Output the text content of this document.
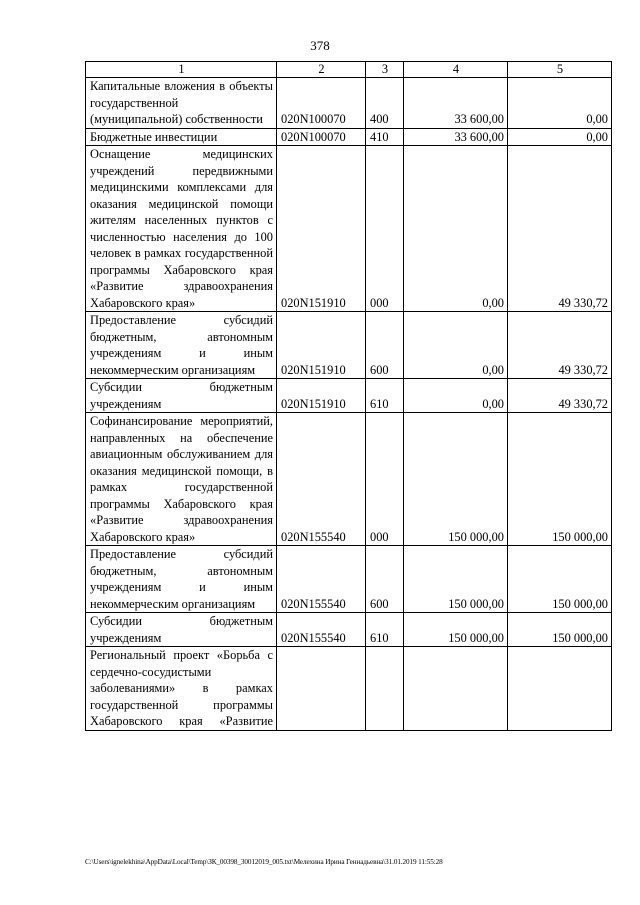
378
1	2	3	4	5
Капитальные вложения в объекты государственной (муниципальной) собственности	020N100070	400	33 600,00	0,00
Бюджетные инвестиции	020N100070	410	33 600,00	0,00
Оснащение медицинских учреждений передвижными медицинскими комплексами для оказания медицинской помощи жителям населенных пунктов с численностью населения до 100 человек в рамках государственной программы Хабаровского края «Развитие здравоохранения Хабаровского края»	020N151910	000	0,00	49 330,72
Предоставление субсидий бюджетным, автономным учреждениям и иным некоммерческим организациям	020N151910	600	0,00	49 330,72
Субсидии бюджетным учреждениям	020N151910	610	0,00	49 330,72
Софинансирование мероприятий, направленных на обеспечение авиационным обслуживанием для оказания медицинской помощи, в рамках государственной программы Хабаровского края «Развитие здравоохранения Хабаровского края»	020N155540	000	150 000,00	150 000,00
Предоставление субсидий бюджетным, автономным учреждениям и иным некоммерческим организациям	020N155540	600	150 000,00	150 000,00
Субсидии бюджетным учреждениям	020N155540	610	150 000,00	150 000,00
Региональный проект «Борьба с сердечно-сосудистыми заболеваниями» в рамках государственной программы Хабаровского края «Развитие				
C:\Users\ignelekhina\AppData\Local\Temp\ЗК_00398_30012019_005.txt\Мелехина Ирина Геннадьевна\31.01.2019 11:55:28
